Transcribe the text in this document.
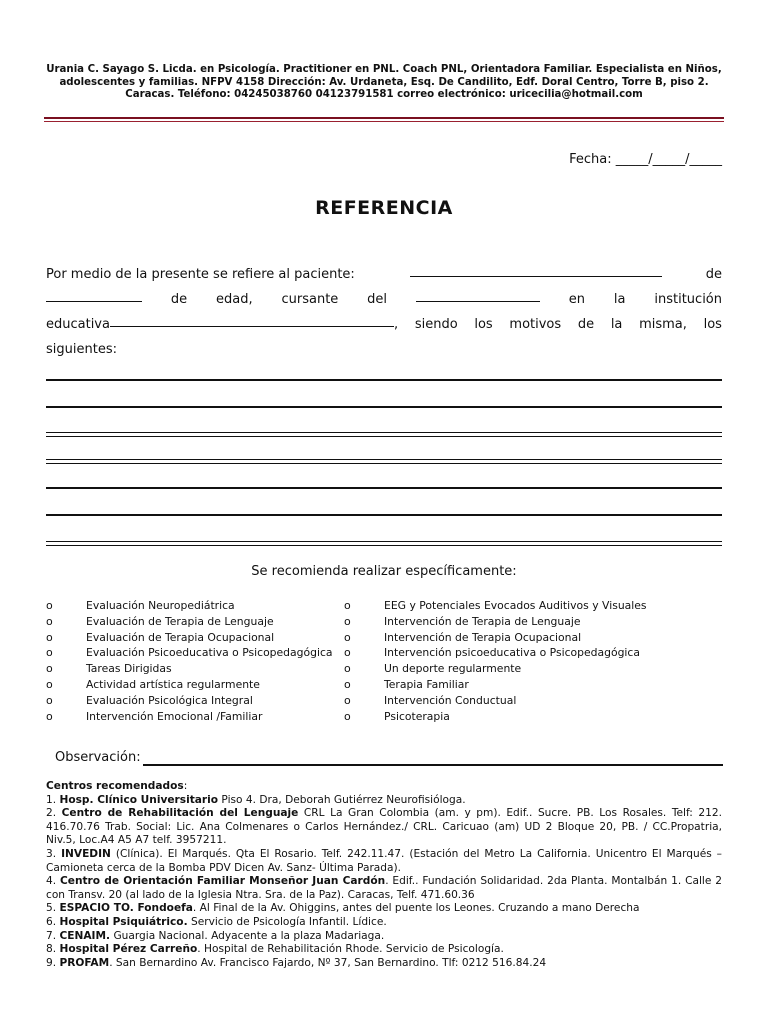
Urania C. Sayago S. Licda. en Psicología. Practitioner en PNL. Coach PNL, Orientadora Familiar. Especialista en Niños, adolescentes y familias. NFPV 4158 Dirección: Av. Urdaneta, Esq. De Candilito, Edf. Doral Centro, Torre B, piso 2. Caracas. Teléfono: 04245038760 04123791581 correo electrónico: uricecilia@hotmail.com
Fecha: _____/_____/_____
REFERENCIA
Por medio de la presente se refiere al paciente:	de
de edad, cursante del	en la institución
educativa	, siendo los motivos de la misma, los
siguientes:
Se recomienda realizar específicamente:
o	Evaluación Neuropediátrica
o	Evaluación de Terapia de Lenguaje
o	Evaluación de Terapia Ocupacional
o	Evaluación Psicoeducativa o Psicopedagógica
o	Tareas Dirigidas
o	Actividad artística regularmente
o	Evaluación Psicológica Integral
o	Intervención Emocional /Familiar
o	EEG y Potenciales Evocados Auditivos y Visuales
o	Intervención de Terapia de Lenguaje
o	Intervención de Terapia Ocupacional
o	Intervención psicoeducativa o Psicopedagógica
o	Un deporte regularmente
o	Terapia Familiar
o	Intervención Conductual
o	Psicoterapia
Observación:
Centros recomendados:
1. Hosp. Clínico Universitario Piso 4. Dra, Deborah Gutiérrez Neurofisióloga.
2. Centro de Rehabilitación del Lenguaje CRL La Gran Colombia (am. y pm). Edif.. Sucre. PB. Los Rosales. Telf: 212. 416.70.76 Trab. Social: Lic. Ana Colmenares o Carlos Hernández./ CRL. Caricuao (am) UD 2 Bloque 20, PB. / CC.Propatria, Niv.5, Loc.A4 A5 A7 telf. 3957211.
3. INVEDIN (Clínica). El Marqués. Qta El Rosario. Telf. 242.11.47. (Estación del Metro La California. Unicentro El Marqués – Camioneta cerca de la Bomba PDV Dicen Av. Sanz- Última Parada).
4. Centro de Orientación Familiar Monseñor Juan Cardón. Edif.. Fundación Solidaridad. 2da Planta. Montalbán 1. Calle 2 con Transv. 20 (al lado de la Iglesia Ntra. Sra. de la Paz). Caracas, Telf. 471.60.36
5. ESPACIO TO. Fondoefa. Al Final de la Av. Ohiggins, antes del puente los Leones. Cruzando a mano Derecha
6. Hospital Psiquiátrico. Servicio de Psicología Infantil. Lídice.
7. CENAIM. Guargia Nacional. Adyacente a la plaza Madariaga.
8. Hospital Pérez Carreño. Hospital de Rehabilitación Rhode. Servicio de Psicología.
9. PROFAM. San Bernardino Av. Francisco Fajardo, Nº 37, San Bernardino. Tlf: 0212 516.84.24
